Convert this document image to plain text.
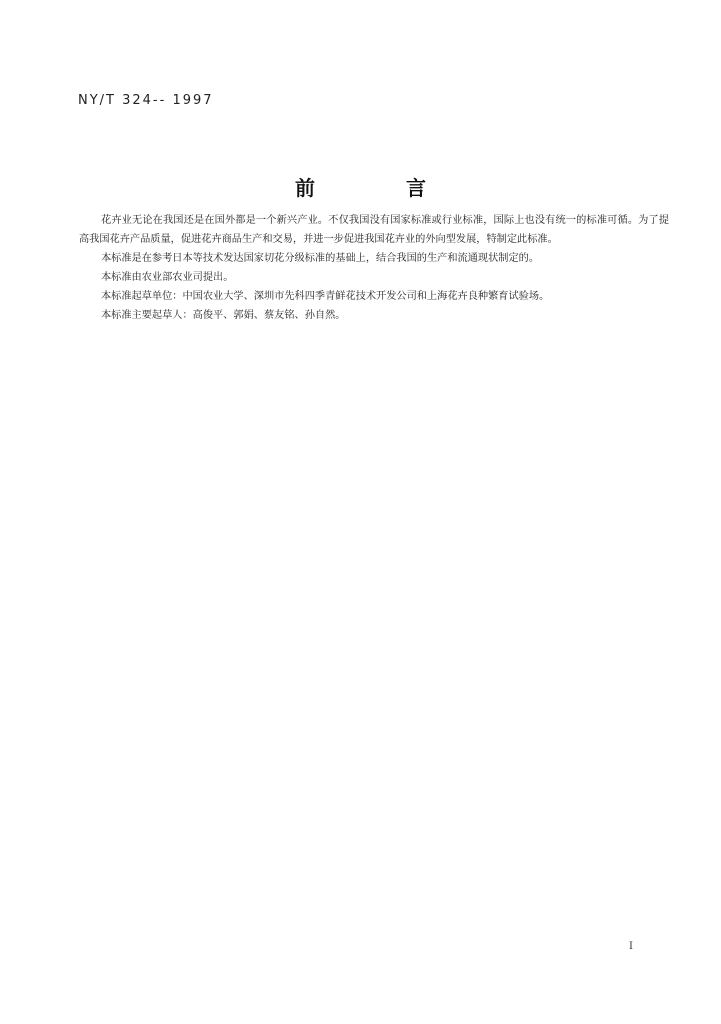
NY/T 324-- 1997
前 言

花卉业无论在我国还是在国外都是一个新兴产业。不仅我国没有国家标准或行业标准，国际上也没有统一的标准可循。为了提高我国花卉产品质量，促进花卉商品生产和交易，并进一步促进我国花卉业的外向型发展，特制定此标准。

本标准是在参考日本等技术发达国家切花分级标准的基础上，结合我国的生产和流通现状制定的。

本标准由农业部农业司提出。

本标准起草单位：中国农业大学、深圳市先科四季青鲜花技术开发公司和上海花卉良种繁育试验场。

本标准主要起草人：高俊平、郭娟、蔡友铭、孙自然。

I
